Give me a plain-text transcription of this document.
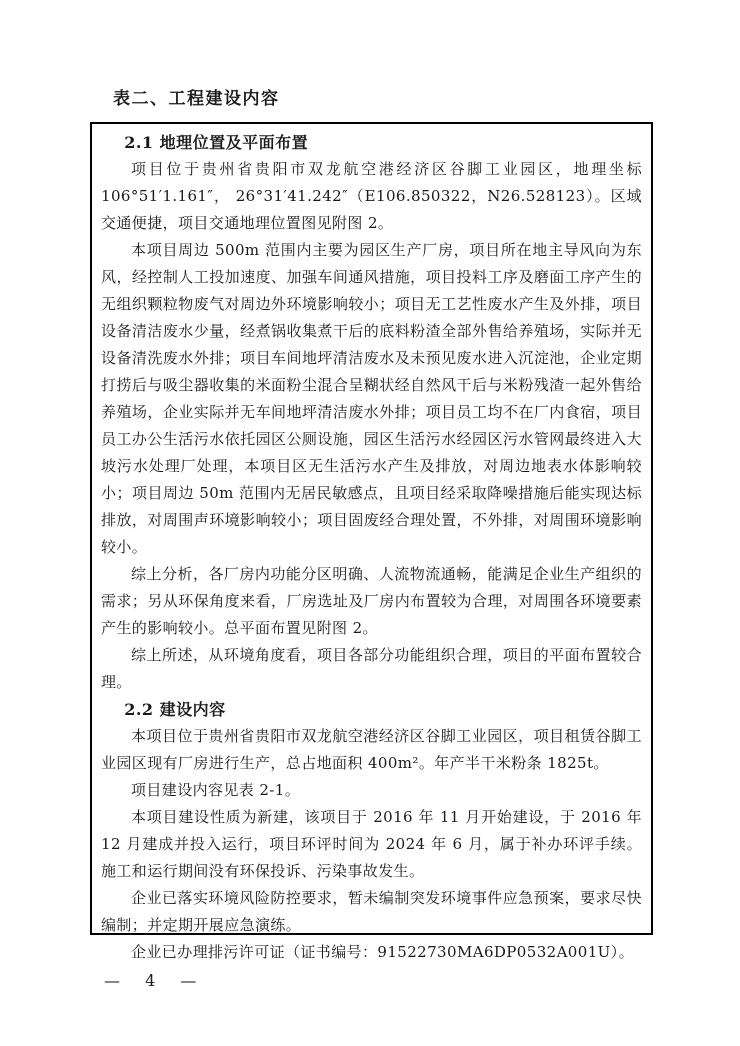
表二、工程建设内容
2.1 地理位置及平面布置

项目位于贵州省贵阳市双龙航空港经济区谷脚工业园区，地理坐标 106°51′1.161″， 26°31′41.242″（E106.850322，N26.528123）。区域交通便捷，项目交通地理位置图见附图 2。

本项目周边 500m 范围内主要为园区生产厂房，项目所在地主导风向为东风，经控制人工投加速度、加强车间通风措施，项目投料工序及磨面工序产生的无组织颗粒物废气对周边外环境影响较小；项目无工艺性废水产生及外排，项目设备清洁废水少量，经煮锅收集煮干后的底料粉渣全部外售给养殖场，实际并无设备清洗废水外排；项目车间地坪清洁废水及未预见废水进入沉淀池，企业定期打捞后与吸尘器收集的米面粉尘混合呈糊状经自然风干后与米粉残渣一起外售给养殖场，企业实际并无车间地坪清洁废水外排；项目员工均不在厂内食宿，项目员工办公生活污水依托园区公厕设施，园区生活污水经园区污水管网最终进入大坡污水处理厂处理，本项目区无生活污水产生及排放，对周边地表水体影响较小；项目周边 50m 范围内无居民敏感点，且项目经采取降噪措施后能实现达标排放，对周围声环境影响较小；项目固废经合理处置，不外排，对周围环境影响较小。

综上分析，各厂房内功能分区明确、人流物流通畅，能满足企业生产组织的需求；另从环保角度来看，厂房选址及厂房内布置较为合理，对周围各环境要素产生的影响较小。总平面布置见附图 2。

综上所述，从环境角度看，项目各部分功能组织合理，项目的平面布置较合理。

2.2 建设内容

本项目位于贵州省贵阳市双龙航空港经济区谷脚工业园区，项目租赁谷脚工业园区现有厂房进行生产，总占地面积 400m²。年产半干米粉条 1825t。

项目建设内容见表 2-1。

本项目建设性质为新建，该项目于 2016 年 11 月开始建设，于 2016 年 12 月建成并投入运行，项目环评时间为 2024 年 6 月，属于补办环评手续。施工和运行期间没有环保投诉、污染事故发生。

企业已落实环境风险防控要求，暂未编制突发环境事件应急预案，要求尽快编制；并定期开展应急演练。

企业已办理排污许可证（证书编号：91522730MA6DP0532A001U）。

— 4 —
